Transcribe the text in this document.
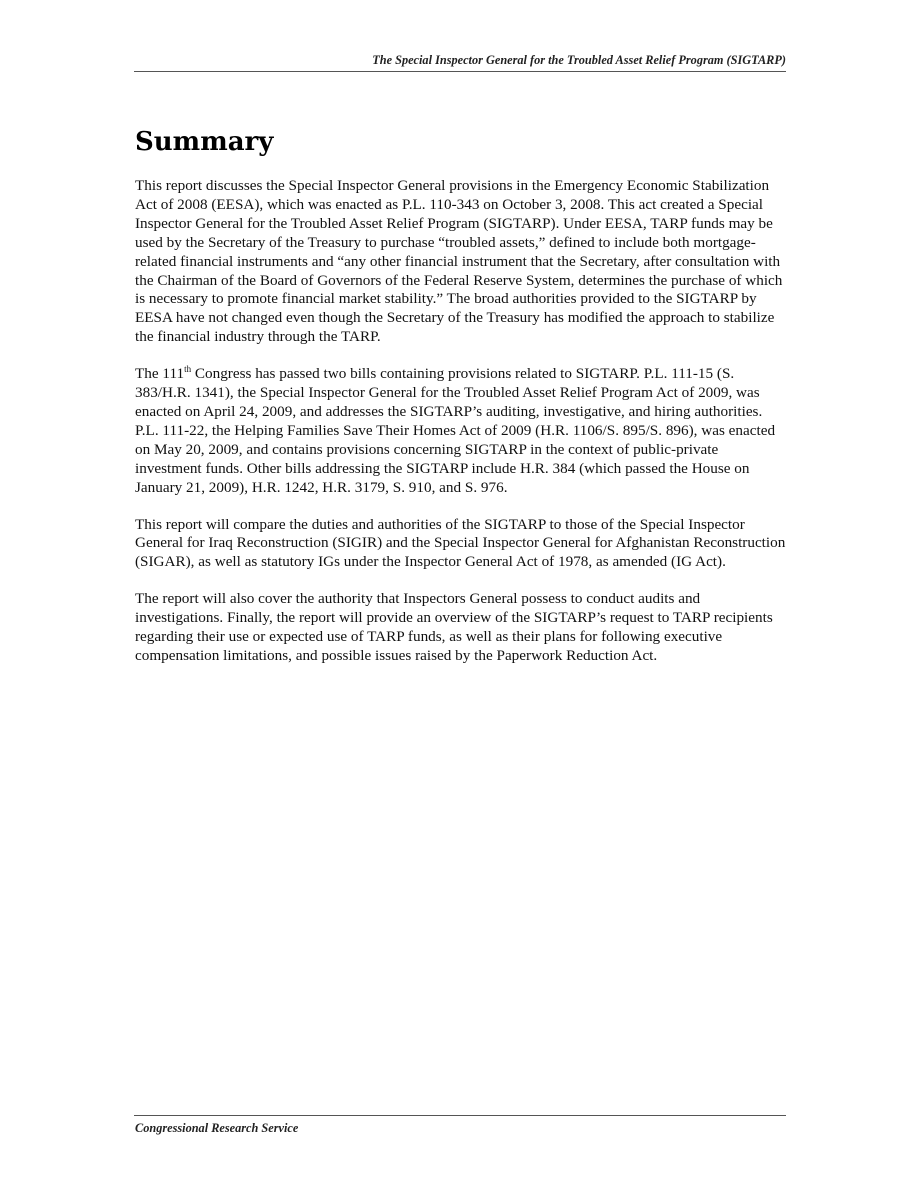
The Special Inspector General for the Troubled Asset Relief Program (SIGTARP)
Summary

This report discusses the Special Inspector General provisions in the Emergency Economic Stabilization Act of 2008 (EESA), which was enacted as P.L. 110-343 on October 3, 2008. This act created a Special Inspector General for the Troubled Asset Relief Program (SIGTARP). Under EESA, TARP funds may be used by the Secretary of the Treasury to purchase “troubled assets,” defined to include both mortgage-related financial instruments and “any other financial instrument that the Secretary, after consultation with the Chairman of the Board of Governors of the Federal Reserve System, determines the purchase of which is necessary to promote financial market stability.” The broad authorities provided to the SIGTARP by EESA have not changed even though the Secretary of the Treasury has modified the approach to stabilize the financial industry through the TARP.

The 111th Congress has passed two bills containing provisions related to SIGTARP. P.L. 111-15 (S. 383/H.R. 1341), the Special Inspector General for the Troubled Asset Relief Program Act of 2009, was enacted on April 24, 2009, and addresses the SIGTARP’s auditing, investigative, and hiring authorities. P.L. 111-22, the Helping Families Save Their Homes Act of 2009 (H.R. 1106/S. 895/S. 896), was enacted on May 20, 2009, and contains provisions concerning SIGTARP in the context of public-private investment funds. Other bills addressing the SIGTARP include H.R. 384 (which passed the House on January 21, 2009), H.R. 1242, H.R. 3179, S. 910, and S. 976.

This report will compare the duties and authorities of the SIGTARP to those of the Special Inspector General for Iraq Reconstruction (SIGIR) and the Special Inspector General for Afghanistan Reconstruction (SIGAR), as well as statutory IGs under the Inspector General Act of 1978, as amended (IG Act).

The report will also cover the authority that Inspectors General possess to conduct audits and investigations. Finally, the report will provide an overview of the SIGTARP’s request to TARP recipients regarding their use or expected use of TARP funds, as well as their plans for following executive compensation limitations, and possible issues raised by the Paperwork Reduction Act.

Congressional Research Service
